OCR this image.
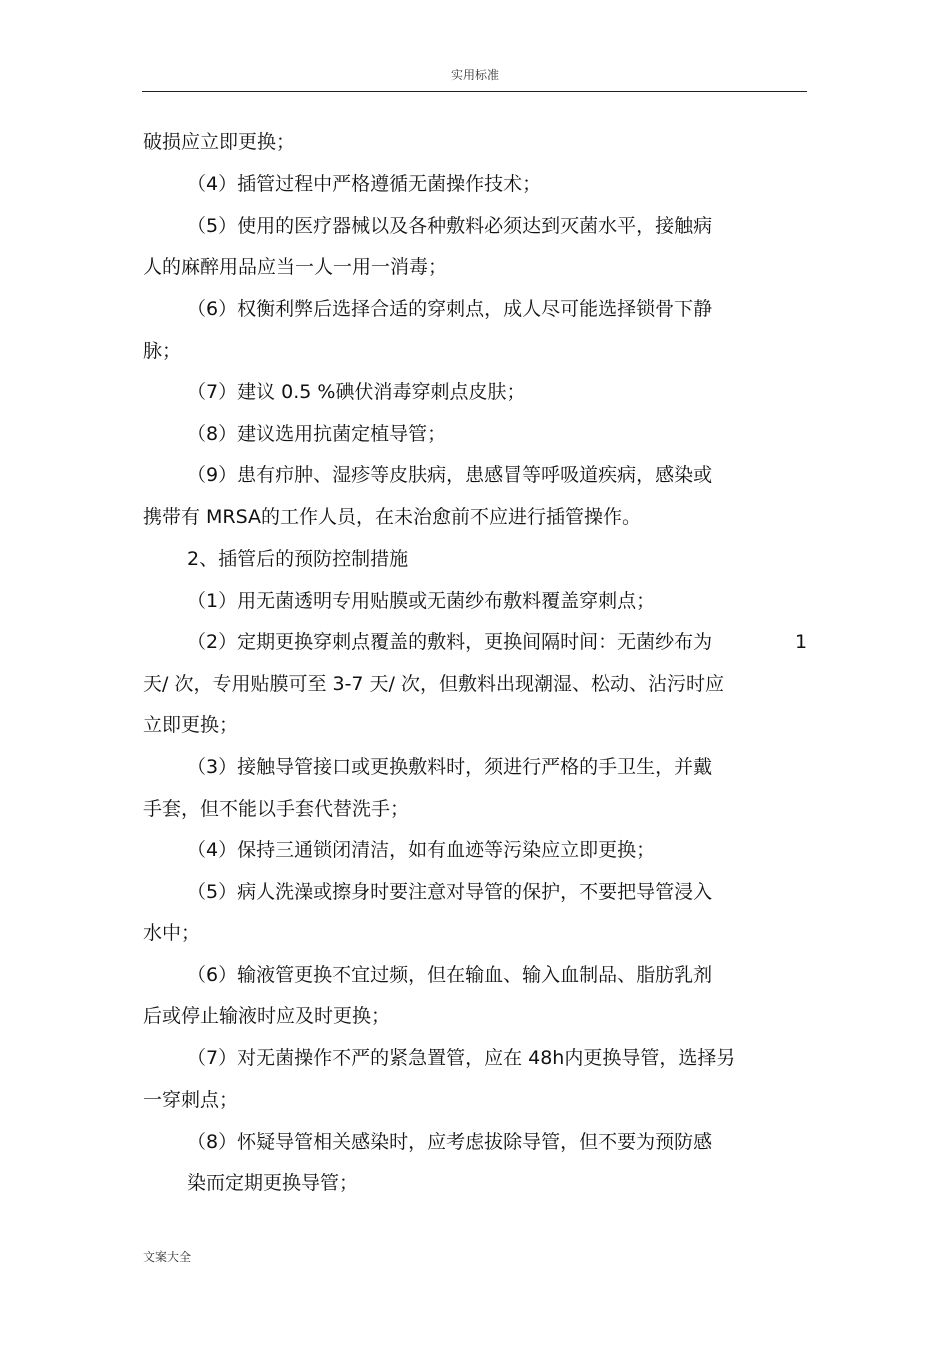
实用标准
破损应立即更换；
（4）插管过程中严格遵循无菌操作技术；
（5）使用的医疗器械以及各种敷料必须达到灭菌水平，接触病
人的麻醉用品应当一人一用一消毒；
（6）权衡利弊后选择合适的穿刺点，成人尽可能选择锁骨下静
脉；
（7）建议 0.5 %碘伏消毒穿刺点皮肤；
（8）建议选用抗菌定植导管；
（9）患有疖肿、湿疹等皮肤病，患感冒等呼吸道疾病，感染或
携带有 MRSA的工作人员，在未治愈前不应进行插管操作。
2、插管后的预防控制措施
（1）用无菌透明专用贴膜或无菌纱布敷料覆盖穿刺点；
（2）定期更换穿刺点覆盖的敷料，更换间隔时间：无菌纱布为	1
天/ 次，专用贴膜可至 3-7 天/ 次，但敷料出现潮湿、松动、沾污时应
立即更换；
（3）接触导管接口或更换敷料时，须进行严格的手卫生，并戴
手套，但不能以手套代替洗手；
（4）保持三通锁闭清洁，如有血迹等污染应立即更换；
（5）病人洗澡或擦身时要注意对导管的保护，不要把导管浸入
水中；
（6）输液管更换不宜过频，但在输血、输入血制品、脂肪乳剂
后或停止输液时应及时更换；
（7）对无菌操作不严的紧急置管，应在 48h内更换导管，选择另
一穿刺点；
（8）怀疑导管相关感染时，应考虑拔除导管，但不要为预防感
染而定期更换导管；
文案大全
